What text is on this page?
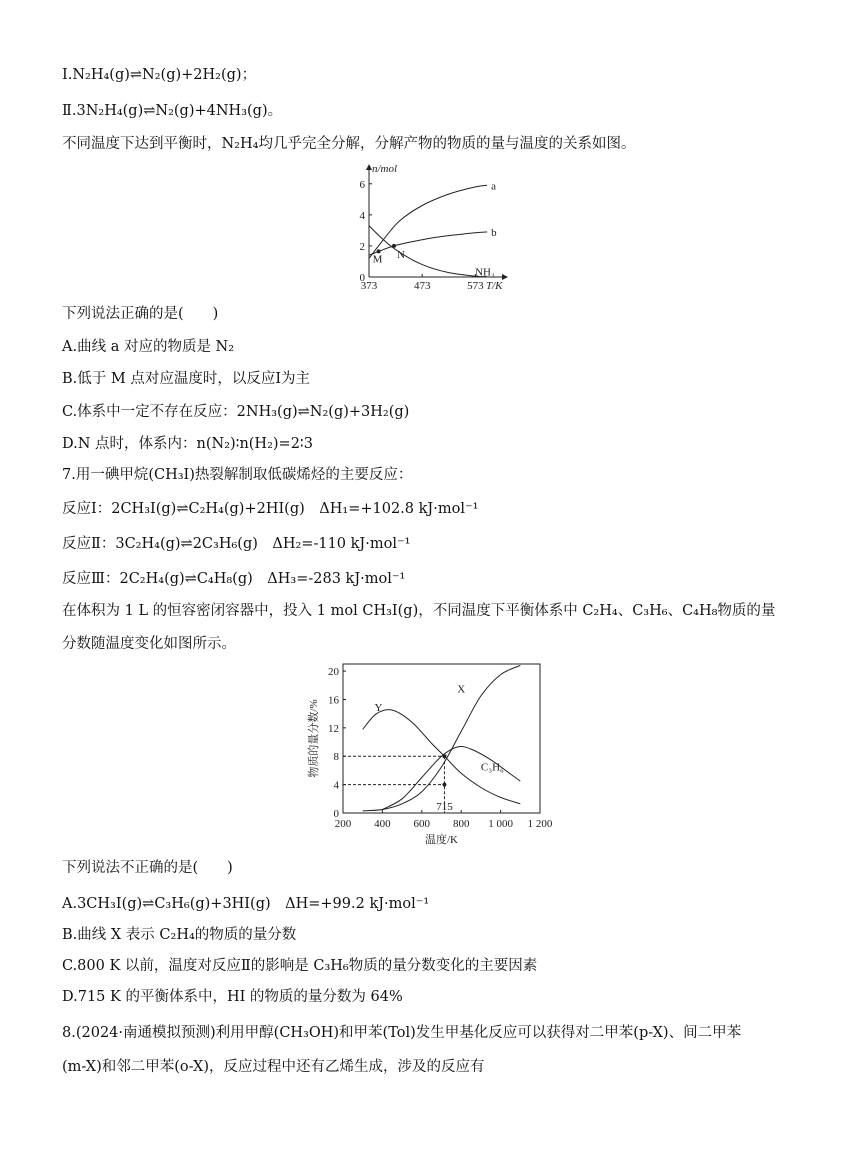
Ⅰ.N₂H₄(g)⇌N₂(g)+2H₂(g)；
Ⅱ.3N₂H₄(g)⇌N₂(g)+4NH₃(g)。
不同温度下达到平衡时，N₂H₄均几乎完全分解，分解产物的物质的量与温度的关系如图。
373	473	573
0
2
4
6
n/mol
T/K
a
b
NH₃
M N
下列说法正确的是(　　)
A.曲线 a 对应的物质是 N₂
B.低于 M 点对应温度时，以反应Ⅰ为主
C.体系中一定不存在反应：2NH₃(g)⇌N₂(g)+3H₂(g)
D.N 点时，体系内：n(N₂)∶n(H₂)=2∶3
7.用一碘甲烷(CH₃I)热裂解制取低碳烯烃的主要反应：
反应Ⅰ：2CH₃I(g)⇌C₂H₄(g)+2HI(g)　ΔH₁=+102.8 kJ·mol⁻¹
反应Ⅱ：3C₂H₄(g)⇌2C₃H₆(g)　ΔH₂=-110 kJ·mol⁻¹
反应Ⅲ：2C₂H₄(g)⇌C₄H₈(g)　ΔH₃=-283 kJ·mol⁻¹
在体积为 1 L 的恒容密闭容器中，投入 1 mol CH₃I(g)，不同温度下平衡体系中 C₂H₄、C₃H₆、C₄H₈物质的量
分数随温度变化如图所示。
200 400 600 800 1 000 1 200
0
4
8
12
16
20
物质的量分数/%
温度/K
X
Y
C₃H₆
715
下列说法不正确的是(　　)
A.3CH₃I(g)⇌C₃H₆(g)+3HI(g)　ΔH=+99.2 kJ·mol⁻¹
B.曲线 X 表示 C₂H₄的物质的量分数
C.800 K 以前，温度对反应Ⅱ的影响是 C₃H₆物质的量分数变化的主要因素
D.715 K 的平衡体系中，HI 的物质的量分数为 64%
8.(2024·南通模拟预测)利用甲醇(CH₃OH)和甲苯(Tol)发生甲基化反应可以获得对二甲苯(p-X)、间二甲苯
(m-X)和邻二甲苯(o-X)，反应过程中还有乙烯生成，涉及的反应有
